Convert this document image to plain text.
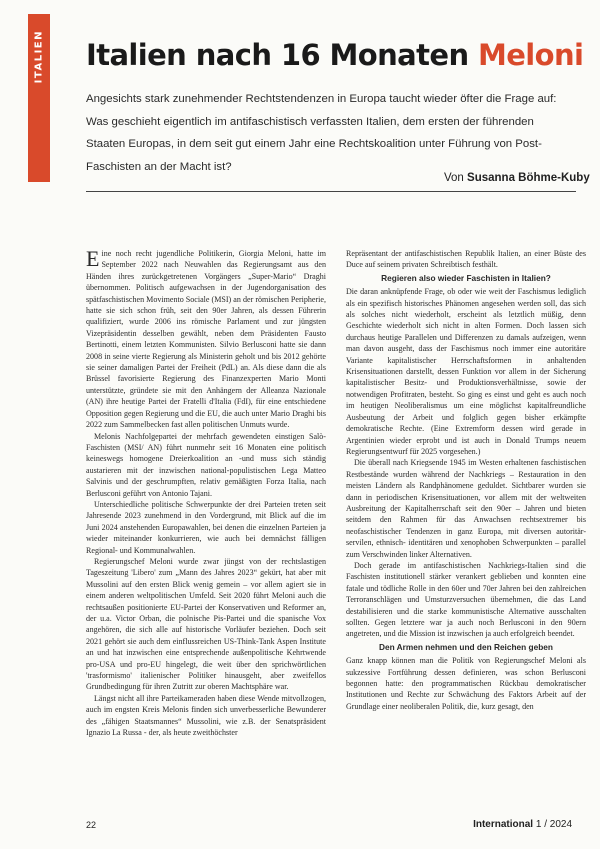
ITALIEN Italien nach 16 Monaten Meloni

Angesichts stark zunehmender Rechtstendenzen in Europa taucht wieder öfter die Frage auf: Was geschieht eigentlich im antifaschistisch verfassten Italien, dem ersten der führenden Staaten Europas, in dem seit gut einem Jahr eine Rechtskoalition unter Führung von Post-Faschisten an der Macht ist?

Von Susanna Böhme-Kuby

Eine noch recht jugendliche Politikerin, Giorgia Meloni, hatte im September 2022 nach Neuwahlen das Regierungsamt aus den Händen ihres zurückgetretenen Vorgängers „Super-Mario“ Draghi übernommen. Politisch aufgewachsen in der Jugendorganisation des spätfaschistischen Movimento Sociale (MSI) an der römischen Peripherie, hatte sie sich schon früh, seit den 90er Jahren, als dessen Führerin qualifiziert, wurde 2006 ins römische Parlament und zur jüngsten Vizepräsidentin desselben gewählt, neben dem Präsidenten Fausto Bertinotti, einem letzten Kommunisten. Silvio Berlusconi hatte sie dann 2008 in seine vierte Regierung als Ministerin geholt und bis 2012 gehörte sie seiner damaligen Partei der Freiheit (PdL) an. Als diese dann die als Brüssel favorisierte Regierung des Finanzexperten Mario Monti unterstützte, gründete sie mit den Anhängern der Alleanza Nazionale (AN) ihre heutige Partei der Fratelli d'Italia (FdI), für eine entschiedene Opposition gegen Regierung und die EU, die auch unter Mario Draghi bis 2022 zum Sammelbecken fast allen politischen Unmuts wurde.

Melonis Nachfolgepartei der mehrfach gewendeten einstigen Salò-Faschisten (MSI/ AN) führt nunmehr seit 16 Monaten eine politisch keineswegs homogene Dreierkoalition an -und muss sich ständig austarieren mit der inzwischen national-populistischen Lega Matteo Salvinis und der geschrumpften, relativ gemäßigten Forza Italia, nach Berlusconi geführt von Antonio Tajani.

Unterschiedliche politische Schwerpunkte der drei Parteien treten seit Jahresende 2023 zunehmend in den Vordergrund, mit Blick auf die im Juni 2024 anstehenden Europawahlen, bei denen die einzelnen Parteien ja wieder miteinander konkurrieren, wie auch bei demnächst fälligen Regional- und Kommunalwahlen.

Regierungschef Meloni wurde zwar jüngst von der rechtslastigen Tageszeitung 'Libero' zum „Mann des Jahres 2023“ gekürt, hat aber mit Mussolini auf den ersten Blick wenig gemein – vor allem agiert sie in einem anderen weltpolitischen Umfeld. Seit 2020 führt Meloni auch die rechtsaußen positionierte EU-Partei der Konservativen und Reformer an, der u.a. Victor Orban, die polnische Pis-Partei und die spanische Vox angehören, die sich alle auf historische Vorläufer beziehen. Doch seit 2021 gehört sie auch dem einflussreichen US-Think-Tank Aspen Institute an und hat inzwischen eine entsprechende außenpolitische Kehrtwende pro-USA und pro-EU hingelegt, die weit über den sprichwörtlichen 'trasformismo' italienischer Politiker hinausgeht, aber zweifellos Grundbedingung für ihren Zutritt zur oberen Machtsphäre war.

Längst nicht all ihre Parteikameraden haben diese Wende mitvollzogen, auch im engsten Kreis Melonis finden sich unverbesserliche Bewunderer des „fähigen Staatsmannes“ Mussolini, wie z.B. der Senatspräsident Ignazio La Russa - der, als heute zweithöchster

Repräsentant der antifaschistischen Republik Italien, an einer Büste des Duce auf seinem privaten Schreibtisch festhält.

Regieren also wieder Faschisten in Italien?

Die daran anknüpfende Frage, ob oder wie weit der Faschismus lediglich als ein spezifisch historisches Phänomen angesehen werden soll, das sich als solches nicht wiederholt, erscheint als letztlich müßig, denn Geschichte wiederholt sich nicht in alten Formen. Doch lassen sich durchaus heutige Parallelen und Differenzen zu damals aufzeigen, wenn man davon ausgeht, dass der Faschismus noch immer eine autoritäre Variante kapitalistischer Herrschaftsformen in anhaltenden Krisensituationen darstellt, dessen Funktion vor allem in der Sicherung kapitalistischer Besitz- und Produktionsverhältnisse, sowie der notwendigen Profitraten, besteht. So ging es einst und geht es auch noch im heutigen Neoliberalismus um eine möglichst kapitalfreundliche Ausbeutung der Arbeit und folglich gegen bisher erkämpfte demokratische Rechte. (Eine Extremform dessen wird gerade in Argentinien wieder erprobt und ist auch in Donald Trumps neuem Regierungsentwurf für 2025 vorgesehen.)

Die überall nach Kriegsende 1945 im Westen erhaltenen faschistischen Restbestände wurden während der Nachkriegs – Restauration in den meisten Ländern als Randphänomene geduldet. Sichtbarer wurden sie dann in periodischen Krisensituationen, vor allem mit der weltweiten Ausbreitung der Kapitalherrschaft seit den 90er – Jahren und bieten seitdem den Rahmen für das Anwachsen rechtsextremer bis neofaschistischer Tendenzen in ganz Europa, mit diversen autoritär-servilen, ethnisch- identitären und xenophoben Schwerpunkten – parallel zum Verschwinden linker Alternativen.

Doch gerade im antifaschistischen Nachkriegs-Italien sind die Faschisten institutionell stärker verankert geblieben und konnten eine fatale und tödliche Rolle in den 60er und 70er Jahren bei den zahlreichen Terroranschlägen und Umsturzversuchen übernehmen, die das Land destabilisieren und die starke kommunistische Alternative ausschalten sollten. Gegen letztere war ja auch noch Berlusconi in den 90ern angetreten, und die Mission ist inzwischen ja auch erfolgreich beendet.

Den Armen nehmen und den Reichen geben

Ganz knapp können man die Politik von Regierungschef Meloni als sukzessive Fortführung dessen definieren, was schon Berlusconi begonnen hatte: den programmatischen Rückbau demokratischer Institutionen und Rechte zur Schwächung des Faktors Arbeit auf der Grundlage einer neoliberalen Politik, die, kurz gesagt, den

22	International 1 / 2024
